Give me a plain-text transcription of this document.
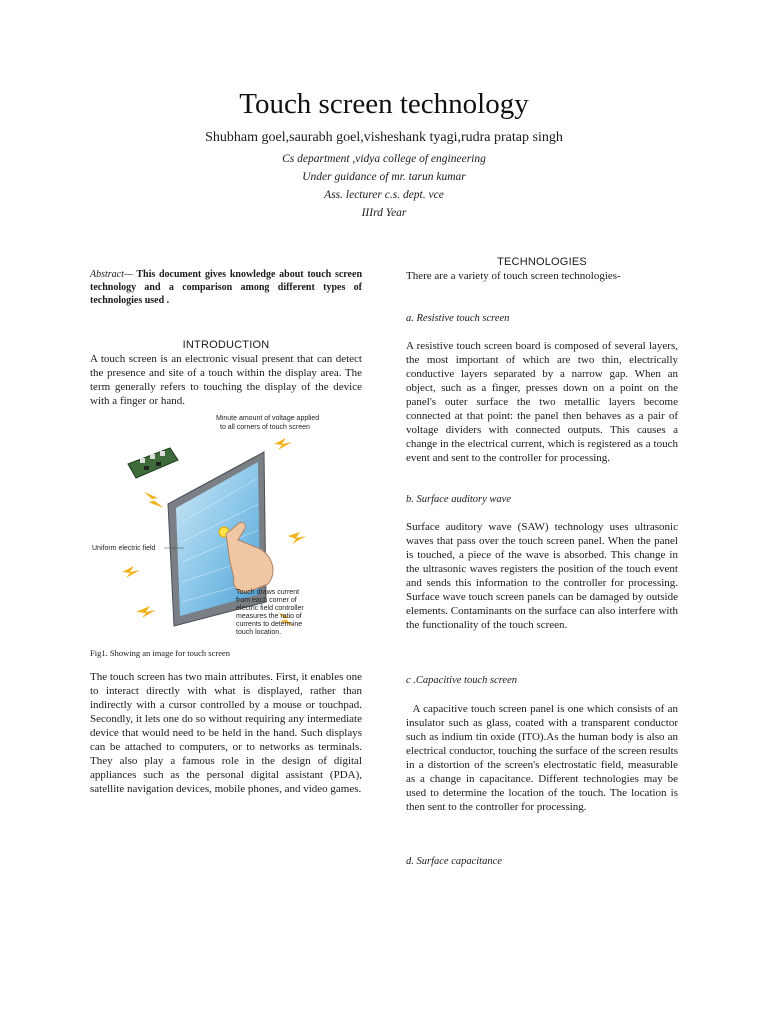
Touch screen technology
Shubham goel,saurabh goel,visheshank tyagi,rudra pratap singh
Cs department ,vidya college of engineering
Under guidance of mr. tarun kumar
Ass. lecturer c.s. dept. vce
IIIrd Year
Abstract— This document gives knowledge about touch screen technology and a comparison among different types of technologies used .
INTRODUCTION
A touch screen is an electronic visual present that can detect the presence and site of a touch within the display area. The term generally refers to touching the display of the device with a finger or hand.
Minute amount of voltage applied
to all corners of touch screen
Uniform electric field
Touch draws current
from each corner of
electric field controller
measures the ratio of
currents to determine
touch location.
Fig1. Showing an image for touch screen
The touch screen has two main attributes. First, it enables one to interact directly with what is displayed, rather than indirectly with a cursor controlled by a mouse or touchpad. Secondly, it lets one do so without requiring any intermediate device that would need to be held in the hand. Such displays can be attached to computers, or to networks as terminals. They also play a famous role in the design of digital appliances such as the personal digital assistant (PDA), satellite navigation devices, mobile phones, and video games.
TECHNOLOGIES
There are a variety of touch screen technologies-
a. Resistive touch screen
A resistive touch screen board is composed of several layers, the most important of which are two thin, electrically conductive layers separated by a narrow gap. When an object, such as a finger, presses down on a point on the panel's outer surface the two metallic layers become connected at that point: the panel then behaves as a pair of voltage dividers with connected outputs. This causes a change in the electrical current, which is registered as a touch event and sent to the controller for processing.
b. Surface auditory wave
Surface auditory wave (SAW) technology uses ultrasonic waves that pass over the touch screen panel. When the panel is touched, a piece of the wave is absorbed. This change in the ultrasonic waves registers the position of the touch event and sends this information to the controller for processing. Surface wave touch screen panels can be damaged by outside elements. Contaminants on the surface can also interfere with the functionality of the touch screen.
c .Capacitive touch screen
A capacitive touch screen panel is one which consists of an insulator such as glass, coated with a transparent conductor such as indium tin oxide (ITO).As the human body is also an electrical conductor, touching the surface of the screen results in a distortion of the screen's electrostatic field, measurable as a change in capacitance. Different technologies may be used to determine the location of the touch. The location is then sent to the controller for processing.
d. Surface capacitance
